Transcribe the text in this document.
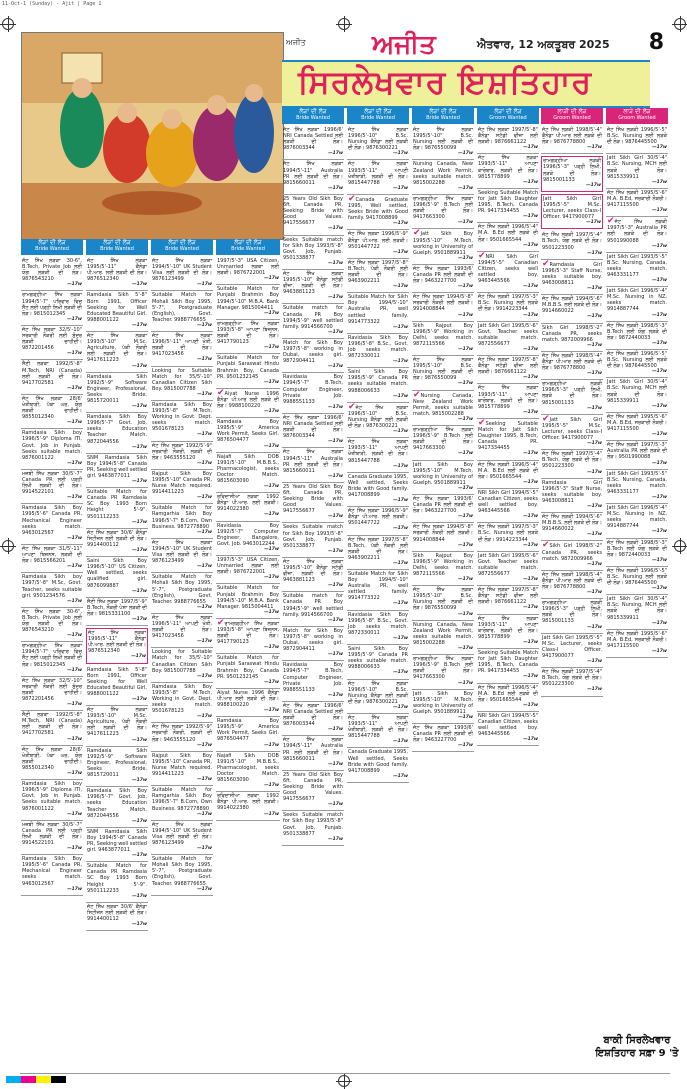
11-Oct-1 (Sunday) - Ajit | Page 1
ਅਜੀਤ	ਅਜੀਤ	ਐਤਵਾਰ, 12 ਅਕਤੂਬਰ 2025 8
ਸਿਰਲੇਖਵਾਰ ਇਸ਼ਤਿਹਾਰ
ਲੋੜਾਂ ਦੀ ਲੋੜ
Bride Wanted
ਲੋੜਾਂ ਦੀ ਲੋੜ
Bride Wanted
ਲੋੜਾਂ ਦੀ ਲੋੜ
Bride Wanted
ਲੋੜਾਂ ਦੀ ਲੋੜ
Bride Wanted
ਲੋੜਾਂ ਦੀ ਲੋੜ
Bride Wanted
ਲੋੜਾਂ ਦੀ ਲੋੜ
Bride Wanted
ਲੋੜਾਂ ਦੀ ਲੋੜ
Bride Wanted
ਲੋੜਾਂ ਦੀ ਲੋੜ
Groom Wanted
ਲਾੜੀ ਦੀ ਲੋੜ
Groom Wanted
ਲਾੜੇ ਦੀ ਲੋੜ
Groom Wanted
ਜੱਟ ਸਿੱਖ ਲੜਕਾ 30-6", B.Tech, Private Job ਲਈ ਯੋਗ ਲੜਕੀ ਦੀ ਲੋੜ। 9876543210
—17w
ਰਾਮਗੜ੍ਹੀਆ ਸਿੱਖ ਲੜਕਾ 1994/5'-7" ਪਰਿਵਾਰ ਵਿਚ ਸੈੱਟ ਲਈ ਪੜ੍ਹੀ ਲਿਖੀ ਲੜਕੀ ਦੀ ਲੋੜ। 9815012345
—17w
ਜੱਟ ਸਿੱਖ ਲੜਕਾ 32/5'-10" ਸਰਕਾਰੀ ਨੌਕਰੀ ਲਈ ਸੁੰਦਰ ਲੜਕੀ ਚਾਹੀਦੀ। 9872201456
—17w
ਸੈਣੀ ਲੜਕਾ 1992/5'-8" M.Tech, NRI (Canada) ਲਈ ਲੜਕੀ ਦੀ ਲੋੜ। 9417702581
—17w
ਜੱਟ ਸਿੱਖ ਲੜਕਾ 28/6' ਖੇਤੀਬਾੜੀ, ਪੱਕਾ ਘਰ, ਯੋਗ ਲੜਕੀ ਚਾਹੀਦੀ। 9855012340
—17w
Ramdasia Sikh boy 1996/5'-9" Diploma ITI, Govt. Job in Punjab. Seeks suitable match. 9876001122
—17w
ਮਜ਼ਬੀ ਸਿੱਖ ਲੜਕਾ 30/5'-7" Canada PR ਲਈ ਪੜ੍ਹੀ ਲਿਖੀ ਲੜਕੀ ਦੀ ਲੋੜ। 9914522101
—17w
Ramdasia Sikh Boy 1995/5'-6" Canada PR, Mechanical Engineer seeks match. 9463012567
—17w
ਜੱਟ ਸਿੱਖ ਲੜਕਾ 31/5'-11" ਆਪਣਾ ਬਿਜ਼ਨਸ, ਲੜਕੀ ਦੀ ਲੋੜ। 9815566201
—17w
Ramdasia Sikh boy 1997/5'-8" M.Sc, Govt. Teacher, seeks suitable girl. 9501234576
—17w
ਜੱਟ ਸਿੱਖ ਲੜਕਾ 30-6", B.Tech, Private Job ਲਈ ਯੋਗ ਲੜਕੀ ਦੀ ਲੋੜ। 9876543210
—17w
ਰਾਮਗੜ੍ਹੀਆ ਸਿੱਖ ਲੜਕਾ 1994/5'-7" ਪਰਿਵਾਰ ਵਿਚ ਸੈੱਟ ਲਈ ਪੜ੍ਹੀ ਲਿਖੀ ਲੜਕੀ ਦੀ ਲੋੜ। 9815012345
—17w
ਜੱਟ ਸਿੱਖ ਲੜਕਾ 32/5'-10" ਸਰਕਾਰੀ ਨੌਕਰੀ ਲਈ ਸੁੰਦਰ ਲੜਕੀ ਚਾਹੀਦੀ। 9872201456
—17w
ਸੈਣੀ ਲੜਕਾ 1992/5'-8" M.Tech, NRI (Canada) ਲਈ ਲੜਕੀ ਦੀ ਲੋੜ। 9417702581
—17w
ਜੱਟ ਸਿੱਖ ਲੜਕਾ 28/6' ਖੇਤੀਬਾੜੀ, ਪੱਕਾ ਘਰ, ਯੋਗ ਲੜਕੀ ਚਾਹੀਦੀ। 9855012340
—17w
Ramdasia Sikh boy 1996/5'-9" Diploma ITI, Govt. Job in Punjab. Seeks suitable match. 9876001122
—17w
ਮਜ਼ਬੀ ਸਿੱਖ ਲੜਕਾ 30/5'-7" Canada PR ਲਈ ਪੜ੍ਹੀ ਲਿਖੀ ਲੜਕੀ ਦੀ ਲੋੜ। 9914522101
—17w
Ramdasia Sikh Boy 1995/5'-6" Canada PR, Mechanical Engineer seeks match. 9463012567
—17w
ਜੱਟ ਸਿੱਖ ਲੜਕਾ 1995/5'-11" ਕੈਨੇਡਾ ਪੀ.ਆਰ. ਲਈ ਲੜਕੀ ਦੀ ਲੋੜ। 9876512340
—17w
Ramdasia Sikh 5'-8" Born 1991, Officer Seeking for Well Educated Beautiful Girl. 9988001122
—17w
ਜੱਟ ਸਿੱਖ ਲੜਕਾ 1993/5'-10" M.Sc. Agriculture, ਪੱਕੀ ਨੌਕਰੀ ਲਈ ਲੜਕੀ ਦੀ ਲੋੜ। 9417611223
—17w
Ramdasia Sikh 1992/5'-9" Software Engineer, Professional, Seeks Bride. 9815720011
—17w
Ramdasia Sikh Boy 1996/5'-7" Govt. Job, seeks Education Teacher Match. 9872044556
—17w
SNM Ramdasia Sikh Boy 1994/5'-8" Canada PR, Seeking well settled girl. 9463877011
—17w
Suitable Match for Canada PR Ramdasia SC Boy 1993 Born Height 5'-9". 9501112233
—17w
ਜੱਟ ਸਿੱਖ ਲੜਕਾ 30/6' ਕੈਨੇਡਾ ਸਿਟੀਜ਼ਨ ਲਈ ਲੜਕੀ ਦੀ ਲੋੜ। 9914400112
—17w
Saini Sikh Boy 1996/5'-10" US Citizen, Well settled, seeks qualified girl. 9876099887
—17w
ਸੈਣੀ ਸਿੱਖ ਲੜਕਾ 1997/5'-9" B.Tech, ਨੌਕਰੀ ਪੇਸ਼ਾ ਲੜਕੀ ਦੀ ਲੋੜ। 9815331100
—17w
ਜੱਟ ਸਿੱਖ ਲੜਕਾ 1995/5'-11" ਕੈਨੇਡਾ ਪੀ.ਆਰ. ਲਈ ਲੜਕੀ ਦੀ ਲੋੜ। 9876512340
—17w
Ramdasia Sikh 5'-8" Born 1991, Officer Seeking for Well Educated Beautiful Girl. 9988001122
—17w
ਜੱਟ ਸਿੱਖ ਲੜਕਾ 1993/5'-10" M.Sc. Agriculture, ਪੱਕੀ ਨੌਕਰੀ ਲਈ ਲੜਕੀ ਦੀ ਲੋੜ। 9417611223
—17w
Ramdasia Sikh 1992/5'-9" Software Engineer, Professional, Seeks Bride. 9815720011
—17w
Ramdasia Sikh Boy 1996/5'-7" Govt. Job, seeks Education Teacher Match. 9872044556
—17w
SNM Ramdasia Sikh Boy 1994/5'-8" Canada PR, Seeking well settled girl. 9463877011
—17w
Suitable Match for Canada PR Ramdasia SC Boy 1993 Born Height 5'-9". 9501112233
—17w
ਜੱਟ ਸਿੱਖ ਲੜਕਾ 30/6' ਕੈਨੇਡਾ ਸਿਟੀਜ਼ਨ ਲਈ ਲੜਕੀ ਦੀ ਲੋੜ। 9914400112
—17w
ਜੱਟ ਸਿੱਖ ਲੜਕਾ 1994/5'-10" UK Student Visa ਲਈ ਲੜਕੀ ਦੀ ਲੋੜ। 9876123499
—17w
Suitable Match for Mohali Sikh Boy 1995, 5'-7", Postgraduate (English), Govt. Teacher. 9988776655
—17w
ਜੱਟ ਸਿੱਖ ਲੜਕਾ 1996/5'-11" ਆਪਣੀ ਖੇਤੀ, ਲੜਕੀ ਦੀ ਲੋੜ। 9417023456
—17w
Looking for Suitable Match for 35/5'-10" Canadian Citizen Sikh Boy. 9815007788
—17w
Ramdasia Sikh Boy 1993/5'-8" M.Tech, Working in Govt. Dept. seeks match. 9501678123
—17w
ਜੱਟ ਸਿੱਖ ਲੜਕਾ 1992/5'-9" ਸਰਕਾਰੀ ਨੌਕਰੀ, ਲੜਕੀ ਦੀ ਲੋੜ। 9463555120
—17w
Rajput Sikh Boy 1995/5'-10" Canada PR, Nurse Match required. 9914411223
—17w
Suitable Match for Ramgarhia Sikh Boy 1996/5'-7" B.Com, Own Business. 9872778890
—17w
ਜੱਟ ਸਿੱਖ ਲੜਕਾ 1994/5'-10" UK Student Visa ਲਈ ਲੜਕੀ ਦੀ ਲੋੜ। 9876123499
—17w
Suitable Match for Mohali Sikh Boy 1995, 5'-7", Postgraduate (English), Govt. Teacher. 9988776655
—17w
ਜੱਟ ਸਿੱਖ ਲੜਕਾ 1996/5'-11" ਆਪਣੀ ਖੇਤੀ, ਲੜਕੀ ਦੀ ਲੋੜ। 9417023456
—17w
Looking for Suitable Match for 35/5'-10" Canadian Citizen Sikh Boy. 9815007788
—17w
Ramdasia Sikh Boy 1993/5'-8" M.Tech, Working in Govt. Dept. seeks match. 9501678123
—17w
ਜੱਟ ਸਿੱਖ ਲੜਕਾ 1992/5'-9" ਸਰਕਾਰੀ ਨੌਕਰੀ, ਲੜਕੀ ਦੀ ਲੋੜ। 9463555120
—17w
Rajput Sikh Boy 1995/5'-10" Canada PR, Nurse Match required. 9914411223
—17w
Suitable Match for Ramgarhia Sikh Boy 1996/5'-7" B.Com, Own Business. 9872778890
—17w
ਜੱਟ ਸਿੱਖ ਲੜਕਾ 1994/5'-10" UK Student Visa ਲਈ ਲੜਕੀ ਦੀ ਲੋੜ। 9876123499
—17w
Suitable Match for Mohali Sikh Boy 1995, 5'-7", Postgraduate (English), Govt. Teacher. 9988776655
—17w
1997/5'-3" USA Citizen, Unmarried ਲੜਕਾ ਲਈ ਲੜਕੀ। 9876722001
—17w
Suitable Match for Punjabi Brahmin Boy 1994/5'-10" M.B.A. Bank Manager. 9815004411
—17w
ਰਾਮਗੜ੍ਹੀਆ ਸਿੱਖ ਲੜਕਾ 1993/5'-8" ਆਪਣਾ ਬਿਜ਼ਨਸ, ਲੜਕੀ ਦੀ ਲੋੜ। 9417790123
—17w
Suitable Match for Punjabi Saraswat Hindu Brahmin Boy, Canada PR. 9501232145
—17w
✔Aiyat Nurse 1996 ਕੈਨੇਡਾ ਪੀ.ਆਰ ਲਈ ਲੜਕੇ ਦੀ ਲੋੜ। 9988100220
—17w
Ramdasia Boy 1995/5'-9" America Work Permit, Seeks Girl. 9876504477
—17w
Najafi Sikh DOB 1991/5'-10" M.B.B.S., Pharmacologist, seeks Doctor Match. 9815603090
—17w
ਰਵਿਦਾਸੀਆ ਲੜਕਾ 1992 ਕੈਨੇਡਾ ਪੀ.ਆਰ. ਲਈ ਲੜਕੀ। 9914022380
—17w
Ravidasia Boy 1992/5'-7" Computer Engineer, Bangalore, Govt. Job. 9463012244
—17w
1997/5'-3" USA Citizen, Unmarried ਲੜਕਾ ਲਈ ਲੜਕੀ। 9876722001
—17w
Suitable Match for Punjabi Brahmin Boy 1994/5'-10" M.B.A. Bank Manager. 9815004411
—17w
✔ਰਾਮਗੜ੍ਹੀਆ ਸਿੱਖ ਲੜਕਾ 1993/5'-8" ਆਪਣਾ ਬਿਜ਼ਨਸ, ਲੜਕੀ ਦੀ ਲੋੜ। 9417790123
—17w
Suitable Match for Punjabi Saraswat Hindu Brahmin Boy, Canada PR. 9501232145
—17w
Aiyat Nurse 1996 ਕੈਨੇਡਾ ਪੀ.ਆਰ ਲਈ ਲੜਕੇ ਦੀ ਲੋੜ। 9988100220
—17w
Ramdasia Boy 1995/5'-9" America Work Permit, Seeks Girl. 9876504477
—17w
Najafi Sikh DOB 1991/5'-10" M.B.B.S., Pharmacologist, seeks Doctor Match. 9815603090
—17w
ਰਵਿਦਾਸੀਆ ਲੜਕਾ 1992 ਕੈਨੇਡਾ ਪੀ.ਆਰ. ਲਈ ਲੜਕੀ। 9914022380
—17w
ਜੱਟ ਸਿੱਖ ਲੜਕਾ 1996/6' NRI Canada Settled ਲਈ ਲੜਕੀ ਦੀ ਲੋੜ। 9876003344
—17w
ਜੱਟ ਸਿੱਖ ਲੜਕਾ 1994/5'-11" Australia PR ਲਈ ਲੜਕੀ ਦੀ ਲੋੜ। 9815660011
—17w
25 Years Old Sikh Boy 6ft. Canada PR, Seeking Bride with Good Values. 9417556677
—17w
Seeks Suitable match for Sikh Boy 1993/5'-8" Govt. Job, Punjab. 9501338877
—17w
ਜੱਟ ਸਿੱਖ ਲੜਕਾ 1995/5'-10" ਕੈਨੇਡਾ ਸਟੱਡੀ ਵੀਜ਼ਾ, ਲੜਕੀ ਦੀ ਲੋੜ। 9463881123
—17w
Suitable match for Canada PR Boy 1994/5'-9" well settled family. 9914566700
—17w
Match for Sikh Boy 1997/5'-8" working in Dubai, seeks girl. 9872904411
—17w
Ravidasia Boy 1994/5'-7" B.Tech, Computer Engineer, Private Job. 9988551133
—17w
ਜੱਟ ਸਿੱਖ ਲੜਕਾ 1996/6' NRI Canada Settled ਲਈ ਲੜਕੀ ਦੀ ਲੋੜ। 9876003344
—17w
ਜੱਟ ਸਿੱਖ ਲੜਕਾ 1994/5'-11" Australia PR ਲਈ ਲੜਕੀ ਦੀ ਲੋੜ। 9815660011
—17w
25 Years Old Sikh Boy 6ft. Canada PR, Seeking Bride with Good Values. 9417556677
—17w
Seeks Suitable match for Sikh Boy 1993/5'-8" Govt. Job, Punjab. 9501338877
—17w
ਜੱਟ ਸਿੱਖ ਲੜਕਾ 1995/5'-10" ਕੈਨੇਡਾ ਸਟੱਡੀ ਵੀਜ਼ਾ, ਲੜਕੀ ਦੀ ਲੋੜ। 9463881123
—17w
Suitable match for Canada PR Boy 1994/5'-9" well settled family. 9914566700
—17w
Match for Sikh Boy 1997/5'-8" working in Dubai, seeks girl. 9872904411
—17w
Ravidasia Boy 1994/5'-7" B.Tech, Computer Engineer, Private Job. 9988551133
—17w
ਜੱਟ ਸਿੱਖ ਲੜਕਾ 1996/6' NRI Canada Settled ਲਈ ਲੜਕੀ ਦੀ ਲੋੜ। 9876003344
—17w
ਜੱਟ ਸਿੱਖ ਲੜਕਾ 1994/5'-11" Australia PR ਲਈ ਲੜਕੀ ਦੀ ਲੋੜ। 9815660011
—17w
25 Years Old Sikh Boy 6ft. Canada PR, Seeking Bride with Good Values. 9417556677
—17w
Seeks Suitable match for Sikh Boy 1993/5'-8" Govt. Job, Punjab. 9501338877
—17w
ਜੱਟ ਸਿੱਖ ਲੜਕਾ 1996/5'-10" B.Sc. Nursing ਕੈਨੇਡਾ ਲਈ ਲੜਕੀ ਦੀ ਲੋੜ। 9876300221
—17w
ਜੱਟ ਸਿੱਖ ਲੜਕਾ 1993/5'-11" ਆਪਣੀ ਖੇਤੀਬਾੜੀ, ਲੜਕੀ ਦੀ ਲੋੜ। 9815447788
—17w
✔Canada Graduate 1995, Well settled, Seeks Bride with Good family. 9417008899
—17w
ਜੱਟ ਸਿੱਖ ਲੜਕਾ 1996/5'-9" ਕੈਨੇਡਾ ਪੀ.ਆਰ. ਲਈ ਲੜਕੀ। 9501447722
—17w
ਜੱਟ ਸਿੱਖ ਲੜਕਾ 1997/5'-8" B.Tech, ਪੱਕੀ ਨੌਕਰੀ ਲਈ ਲੜਕੀ ਦੀ ਲੋੜ। 9463902211
—17w
Suitable Match for Sikh Boy 1994/5'-10" Australia PR, well settled family. 9914773322
—17w
Ravidasia Sikh Boy 1996/5'-8" B.Sc., Govt. Job seeks match. 9872330011
—17w
Saini Sikh Boy 1995/5'-9" Canada PR seeks suitable match. 9988006633
—17w
✔ਜੱਟ ਸਿੱਖ ਲੜਕਾ 1996/5'-10" B.Sc. Nursing ਕੈਨੇਡਾ ਲਈ ਲੜਕੀ ਦੀ ਲੋੜ। 9876300221
—17w
ਜੱਟ ਸਿੱਖ ਲੜਕਾ 1993/5'-11" ਆਪਣੀ ਖੇਤੀਬਾੜੀ, ਲੜਕੀ ਦੀ ਲੋੜ। 9815447788
—17w
Canada Graduate 1995, Well settled, Seeks Bride with Good family. 9417008899
—17w
ਜੱਟ ਸਿੱਖ ਲੜਕਾ 1996/5'-9" ਕੈਨੇਡਾ ਪੀ.ਆਰ. ਲਈ ਲੜਕੀ। 9501447722
—17w
ਜੱਟ ਸਿੱਖ ਲੜਕਾ 1997/5'-8" B.Tech, ਪੱਕੀ ਨੌਕਰੀ ਲਈ ਲੜਕੀ ਦੀ ਲੋੜ। 9463902211
—17w
Suitable Match for Sikh Boy 1994/5'-10" Australia PR, well settled family. 9914773322
—17w
Ravidasia Sikh Boy 1996/5'-8" B.Sc., Govt. Job seeks match. 9872330011
—17w
Saini Sikh Boy 1995/5'-9" Canada PR seeks suitable match. 9988006633
—17w
ਜੱਟ ਸਿੱਖ ਲੜਕਾ 1996/5'-10" B.Sc. Nursing ਕੈਨੇਡਾ ਲਈ ਲੜਕੀ ਦੀ ਲੋੜ। 9876300221
—17w
ਜੱਟ ਸਿੱਖ ਲੜਕਾ 1993/5'-11" ਆਪਣੀ ਖੇਤੀਬਾੜੀ, ਲੜਕੀ ਦੀ ਲੋੜ। 9815447788
—17w
Canada Graduate 1995, Well settled, Seeks Bride with Good family. 9417008899
—17w
ਜੱਟ ਸਿੱਖ ਲੜਕਾ 1995/5'-10" B.Sc. Nursing ਲਈ ਲੜਕੀ ਦੀ ਲੋੜ। 9876550099
—17w
Nursing Canada, New Zealand Work Permit, seeks suitable match. 9815002288
—17w
ਰਾਮਗੜ੍ਹੀਆ ਸਿੱਖ ਲੜਕਾ 1996/5'-9" B.Tech ਲਈ ਲੜਕੀ ਦੀ ਲੋੜ। 9417663300
—17w
✔Jatt Sikh Boy 1995/5'-10" M.Tech, working in University of Guelph. 9501889911
—17w
ਜੱਟ ਸਿੱਖ ਲੜਕਾ 1993/6' Canada PR ਲਈ ਲੜਕੀ ਦੀ ਲੋੜ। 9463227700
—17w
ਜੱਟ ਸਿੱਖ ਲੜਕਾ 1994/5'-8" ਸਰਕਾਰੀ ਨੌਕਰੀ ਲਈ ਲੜਕੀ। 9914008844
—17w
Sikh Rajput Boy 1996/5'-9" Working in Delhi, seeks match. 9872115566
—17w
ਜੱਟ ਸਿੱਖ ਲੜਕਾ 1995/5'-10" B.Sc. Nursing ਲਈ ਲੜਕੀ ਦੀ ਲੋੜ। 9876550099
—17w
✔Nursing Canada, New Zealand Work Permit, seeks suitable match. 9815002288
—17w
ਰਾਮਗੜ੍ਹੀਆ ਸਿੱਖ ਲੜਕਾ 1996/5'-9" B.Tech ਲਈ ਲੜਕੀ ਦੀ ਲੋੜ। 9417663300
—17w
Jatt Sikh Boy 1995/5'-10" M.Tech, working in University of Guelph. 9501889911
—17w
ਜੱਟ ਸਿੱਖ ਲੜਕਾ 1993/6' Canada PR ਲਈ ਲੜਕੀ ਦੀ ਲੋੜ। 9463227700
—17w
ਜੱਟ ਸਿੱਖ ਲੜਕਾ 1994/5'-8" ਸਰਕਾਰੀ ਨੌਕਰੀ ਲਈ ਲੜਕੀ। 9914008844
—17w
Sikh Rajput Boy 1996/5'-9" Working in Delhi, seeks match. 9872115566
—17w
ਜੱਟ ਸਿੱਖ ਲੜਕਾ 1995/5'-10" B.Sc. Nursing ਲਈ ਲੜਕੀ ਦੀ ਲੋੜ। 9876550099
—17w
Nursing Canada, New Zealand Work Permit, seeks suitable match. 9815002288
—17w
ਰਾਮਗੜ੍ਹੀਆ ਸਿੱਖ ਲੜਕਾ 1996/5'-9" B.Tech ਲਈ ਲੜਕੀ ਦੀ ਲੋੜ। 9417663300
—17w
Jatt Sikh Boy 1995/5'-10" M.Tech, working in University of Guelph. 9501889911
—17w
ਜੱਟ ਸਿੱਖ ਲੜਕਾ 1993/6' Canada PR ਲਈ ਲੜਕੀ ਦੀ ਲੋੜ। 9463227700
—17w
ਜੱਟ ਸਿੱਖ ਲੜਕਾ 1997/5'-8" ਕੈਨੇਡਾ ਸਟੱਡੀ ਵੀਜ਼ਾ ਲਈ ਲੜਕੀ। 9876661122
—17w
ਜੱਟ ਸਿੱਖ ਲੜਕਾ 1993/5'-11" ਆਪਣਾ ਕਾਰੋਬਾਰ, ਲੜਕੀ ਦੀ ਲੋੜ। 9815778899
—17w
Seeking Suitable Match for Jatt Sikh Daughter 1995, B.Tech, Canada PR. 9417334455
—17w
ਜੱਟ ਸਿੱਖ ਲੜਕੀ 1996/5'-4" M.A. B.Ed ਲਈ ਲੜਕੇ ਦੀ ਲੋੜ। 9501665544
—17w
✔NRI Sikh Girl 1994/5'-5" Canadian Citizen, seeks well settled boy. 9463445566
—17w
ਜੱਟ ਸਿੱਖ ਲੜਕੀ 1997/5'-3" B.Sc. Nursing ਲਈ ਲੜਕੇ ਦੀ ਲੋੜ। 9914223344
—17w
Jatt Sikh Girl 1995/5'-6" Govt. Teacher seeks suitable match. 9872556677
—17w
ਜੱਟ ਸਿੱਖ ਲੜਕਾ 1997/5'-8" ਕੈਨੇਡਾ ਸਟੱਡੀ ਵੀਜ਼ਾ ਲਈ ਲੜਕੀ। 9876661122
—17w
ਜੱਟ ਸਿੱਖ ਲੜਕਾ 1993/5'-11" ਆਪਣਾ ਕਾਰੋਬਾਰ, ਲੜਕੀ ਦੀ ਲੋੜ। 9815778899
—17w
✔Seeking Suitable Match for Jatt Sikh Daughter 1995, B.Tech, Canada PR. 9417334455
—17w
ਜੱਟ ਸਿੱਖ ਲੜਕੀ 1996/5'-4" M.A. B.Ed ਲਈ ਲੜਕੇ ਦੀ ਲੋੜ। 9501665544
—17w
NRI Sikh Girl 1994/5'-5" Canadian Citizen, seeks well settled boy. 9463445566
—17w
ਜੱਟ ਸਿੱਖ ਲੜਕੀ 1997/5'-3" B.Sc. Nursing ਲਈ ਲੜਕੇ ਦੀ ਲੋੜ। 9914223344
—17w
Jatt Sikh Girl 1995/5'-6" Govt. Teacher seeks suitable match. 9872556677
—17w
ਜੱਟ ਸਿੱਖ ਲੜਕਾ 1997/5'-8" ਕੈਨੇਡਾ ਸਟੱਡੀ ਵੀਜ਼ਾ ਲਈ ਲੜਕੀ। 9876661122
—17w
ਜੱਟ ਸਿੱਖ ਲੜਕਾ 1993/5'-11" ਆਪਣਾ ਕਾਰੋਬਾਰ, ਲੜਕੀ ਦੀ ਲੋੜ। 9815778899
—17w
Seeking Suitable Match for Jatt Sikh Daughter 1995, B.Tech, Canada PR. 9417334455
—17w
ਜੱਟ ਸਿੱਖ ਲੜਕੀ 1996/5'-4" M.A. B.Ed ਲਈ ਲੜਕੇ ਦੀ ਲੋੜ। 9501665544
—17w
NRI Sikh Girl 1994/5'-5" Canadian Citizen, seeks well settled boy. 9463445566
—17w
ਜੱਟ ਸਿੱਖ ਲੜਕੀ 1998/5'-4" ਕੈਨੇਡਾ ਪੀ.ਆਰ ਲਈ ਲੜਕੇ ਦੀ ਲੋੜ। 9876778800
—17w
ਰਾਮਗੜ੍ਹੀਆ ਲੜਕੀ 1996/5'-3" ਪੜ੍ਹੀ ਲਿਖੀ, ਲੜਕੇ ਦੀ ਲੋੜ। 9815001133
—17w
Jatt Sikh Girl 1995/5'-5" M.Sc. Lecturer, seeks Class-I Officer. 9417900077
—17w
ਜੱਟ ਸਿੱਖ ਲੜਕੀ 1997/5'-4" B.Tech, ਯੋਗ ਲੜਕੇ ਦੀ ਲੋੜ। 9501223300
—17w
✔Ramdasia Girl 1996/5'-3" Staff Nurse, seeks suitable boy. 9463008811
—17w
ਜੱਟ ਸਿੱਖ ਲੜਕੀ 1994/5'-6" M.B.B.S. ਲਈ ਲੜਕੇ ਦੀ ਲੋੜ। 9914660022
—17w
Sikh Girl 1998/5'-2" Canada PR, seeks match. 9872009966
—17w
ਜੱਟ ਸਿੱਖ ਲੜਕੀ 1998/5'-4" ਕੈਨੇਡਾ ਪੀ.ਆਰ ਲਈ ਲੜਕੇ ਦੀ ਲੋੜ। 9876778800
—17w
ਰਾਮਗੜ੍ਹੀਆ ਲੜਕੀ 1996/5'-3" ਪੜ੍ਹੀ ਲਿਖੀ, ਲੜਕੇ ਦੀ ਲੋੜ। 9815001133
—17w
✔Jatt Sikh Girl 1995/5'-5" M.Sc. Lecturer, seeks Class-I Officer. 9417900077
—17w
ਜੱਟ ਸਿੱਖ ਲੜਕੀ 1997/5'-4" B.Tech, ਯੋਗ ਲੜਕੇ ਦੀ ਲੋੜ। 9501223300
—17w
Ramdasia Girl 1996/5'-3" Staff Nurse, seeks suitable boy. 9463008811
—17w
ਜੱਟ ਸਿੱਖ ਲੜਕੀ 1994/5'-6" M.B.B.S. ਲਈ ਲੜਕੇ ਦੀ ਲੋੜ। 9914660022
—17w
✔Sikh Girl 1998/5'-2" Canada PR, seeks match. 9872009966
—17w
ਜੱਟ ਸਿੱਖ ਲੜਕੀ 1998/5'-4" ਕੈਨੇਡਾ ਪੀ.ਆਰ ਲਈ ਲੜਕੇ ਦੀ ਲੋੜ। 9876778800
—17w
ਰਾਮਗੜ੍ਹੀਆ ਲੜਕੀ 1996/5'-3" ਪੜ੍ਹੀ ਲਿਖੀ, ਲੜਕੇ ਦੀ ਲੋੜ। 9815001133
—17w
Jatt Sikh Girl 1995/5'-5" M.Sc. Lecturer, seeks Class-I Officer. 9417900077
—17w
ਜੱਟ ਸਿੱਖ ਲੜਕੀ 1997/5'-4" B.Tech, ਯੋਗ ਲੜਕੇ ਦੀ ਲੋੜ। 9501223300
—17w
ਜੱਟ ਸਿੱਖ ਲੜਕੀ 1996/5'-5" B.Sc. Nursing ਲਈ ਲੜਕੇ ਦੀ ਲੋੜ। 9876445500
—17w
Jatt Sikh Girl 30/5'-4" B.Sc. Nursing, MCH ਲਈ ਲੜਕੇ ਦੀ ਲੋੜ। 9815339911
—17w
ਜੱਟ ਸਿੱਖ ਲੜਕੀ 1995/5'-6" M.A. B.Ed, ਸਰਕਾਰੀ ਨੌਕਰੀ। 9417115500
—17w
✔ਜੱਟ ਸਿੱਖ ਲੜਕੀ 1997/5'-3" Australia PR ਲਈ ਲੜਕੇ ਦੀ ਲੋੜ। 9501990088
—17w
Jatt Sikh Girl 1993/5'-5" B.Sc. Nursing, Canada, seeks match. 9463331177
—17w
Jatt Sikh Girl 1996/5'-4" M.Sc. Nursing in NZ, seeks match. 9914887744
—17w
ਜੱਟ ਸਿੱਖ ਲੜਕੀ 1998/5'-3" B.Tech ਲਈ ਯੋਗ ਲੜਕੇ ਦੀ ਲੋੜ। 9872440033
—17w
ਜੱਟ ਸਿੱਖ ਲੜਕੀ 1996/5'-5" B.Sc. Nursing ਲਈ ਲੜਕੇ ਦੀ ਲੋੜ। 9876445500
—17w
Jatt Sikh Girl 30/5'-4" B.Sc. Nursing, MCH ਲਈ ਲੜਕੇ ਦੀ ਲੋੜ। 9815339911
—17w
ਜੱਟ ਸਿੱਖ ਲੜਕੀ 1995/5'-6" M.A. B.Ed, ਸਰਕਾਰੀ ਨੌਕਰੀ। 9417115500
—17w
ਜੱਟ ਸਿੱਖ ਲੜਕੀ 1997/5'-3" Australia PR ਲਈ ਲੜਕੇ ਦੀ ਲੋੜ। 9501990088
—17w
Jatt Sikh Girl 1993/5'-5" B.Sc. Nursing, Canada, seeks match. 9463331177
—17w
Jatt Sikh Girl 1996/5'-4" M.Sc. Nursing in NZ, seeks match. 9914887744
—17w
ਜੱਟ ਸਿੱਖ ਲੜਕੀ 1998/5'-3" B.Tech ਲਈ ਯੋਗ ਲੜਕੇ ਦੀ ਲੋੜ। 9872440033
—17w
ਜੱਟ ਸਿੱਖ ਲੜਕੀ 1996/5'-5" B.Sc. Nursing ਲਈ ਲੜਕੇ ਦੀ ਲੋੜ। 9876445500
—17w
Jatt Sikh Girl 30/5'-4" B.Sc. Nursing, MCH ਲਈ ਲੜਕੇ ਦੀ ਲੋੜ। 9815339911
—17w
ਜੱਟ ਸਿੱਖ ਲੜਕੀ 1995/5'-6" M.A. B.Ed, ਸਰਕਾਰੀ ਨੌਕਰੀ। 9417115500
—17w
ਬਾਕੀ ਸਿਰਲੇਖਵਾਰ ਇਸ਼ਤਿਹਾਰ ਸਫ਼ਾ 9 'ਤੇ
